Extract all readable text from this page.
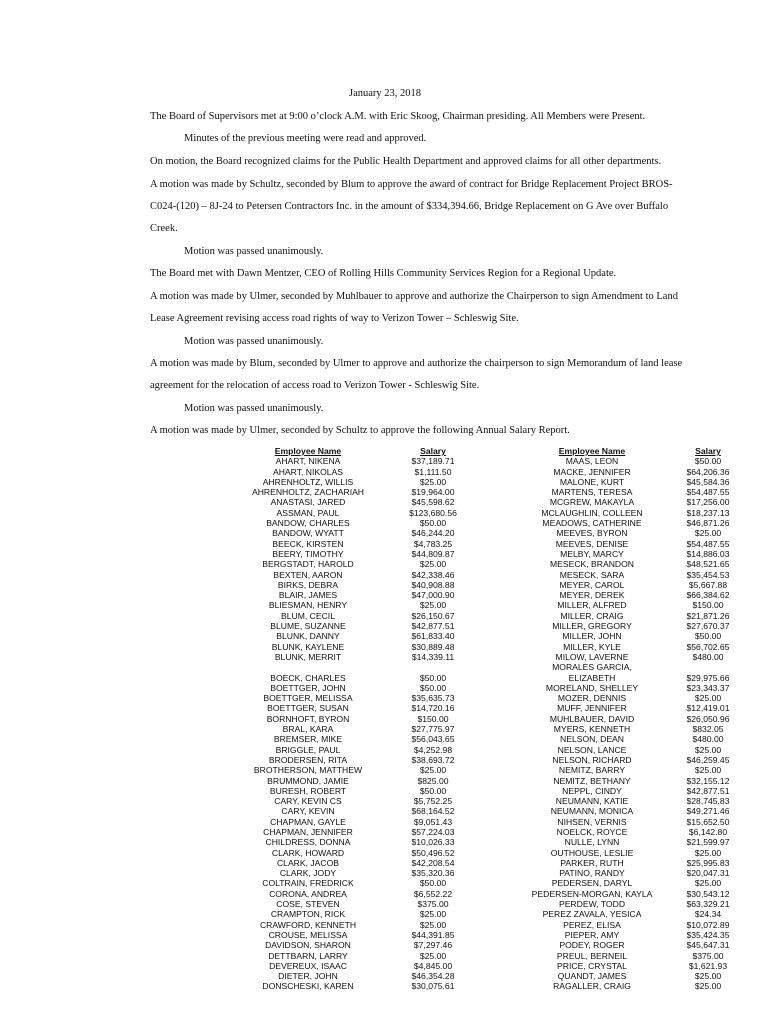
January 23, 2018
The Board of Supervisors met at 9:00 o’clock A.M. with Eric Skoog, Chairman presiding. All Members were Present.
Minutes of the previous meeting were read and approved.
On motion, the Board recognized claims for the Public Health Department and approved claims for all other departments.
A motion was made by Schultz, seconded by Blum to approve the award of contract for Bridge Replacement Project BROS-
C024-(120) – 8J-24 to Petersen Contractors Inc. in the amount of $334,394.66, Bridge Replacement on G Ave over Buffalo
Creek.
Motion was passed unanimously.
The Board met with Dawn Mentzer, CEO of Rolling Hills Community Services Region for a Regional Update.
A motion was made by Ulmer, seconded by Muhlbauer to approve and authorize the Chairperson to sign Amendment to Land
Lease Agreement revising access road rights of way to Verizon Tower – Schleswig Site.
Motion was passed unanimously.
A motion was made by Blum, seconded by Ulmer to approve and authorize the chairperson to sign Memorandum of land lease
agreement for the relocation of access road to Verizon Tower - Schleswig Site.
Motion was passed unanimously.
A motion was made by Ulmer, seconded by Schultz to approve the following Annual Salary Report.
	Employee Name	Salary		Employee Name	Salary
	AHART, NIKENA	$37,189.71		MAAS, LEON	$50.00
	AHART, NIKOLAS	$1,111.50		MACKE, JENNIFER	$64,206.36
	AHRENHOLTZ, WILLIS	$25.00		MALONE, KURT	$45,584.36
	AHRENHOLTZ, ZACHARIAH	$19,964.00		MARTENS, TERESA	$54,487.55
	ANASTASI, JARED	$45,598.62		MCGREW, MAKAYLA	$17,256.00
	ASSMAN, PAUL	$123,680.56		MCLAUGHLIN, COLLEEN	$18,237.13
	BANDOW, CHARLES	$50.00		MEADOWS, CATHERINE	$46,871.26
	BANDOW, WYATT	$46,244.20		MEEVES, BYRON	$25.00
	BEECK, KIRSTEN	$4,783.25		MEEVES, DENISE	$54,487.55
	BEERY, TIMOTHY	$44,809.87		MELBY, MARCY	$14,886.03
	BERGSTADT, HAROLD	$25.00		MESECK, BRANDON	$48,521.65
	BEXTEN, AARON	$42,338.46		MESECK, SARA	$35,454.53
	BIRKS, DEBRA	$40,908.88		MEYER, CAROL	$5,667.88
	BLAIR, JAMES	$47,000.90		MEYER, DEREK	$66,384.62
	BLIESMAN, HENRY	$25.00		MILLER, ALFRED	$150.00
	BLUM, CECIL	$26,150.67		MILLER, CRAIG	$21,871.26
	BLUME, SUZANNE	$42,877.51		MILLER, GREGORY	$27,670.37
	BLUNK, DANNY	$61,833.40		MILLER, JOHN	$50.00
	BLUNK, KAYLENE	$30,889.48		MILLER, KYLE	$56,702.65
	BLUNK, MERRIT	$14,339.11		MILOW, LAVERNE	$480.00
				MORALES GARCIA,	
	BOECK, CHARLES	$50.00		ELIZABETH	$29,975.66
	BOETTGER, JOHN	$50.00		MORELAND, SHELLEY	$23,343.37
	BOETTGER, MELISSA	$35,635.73		MOZER, DENNIS	$25.00
	BOETTGER, SUSAN	$14,720.16		MUFF, JENNIFER	$12,419.01
	BORNHOFT, BYRON	$150.00		MUHLBAUER, DAVID	$26,050.96
	BRAL, KARA	$27,775.97		MYERS, KENNETH	$832.05
	BREMSER, MIKE	$56,043.65		NELSON, DEAN	$480.00
	BRIGGLE, PAUL	$4,252.98		NELSON, LANCE	$25.00
	BRODERSEN, RITA	$38,693.72		NELSON, RICHARD	$46,259.45
	BROTHERSON, MATTHEW	$25.00		NEMITZ, BARRY	$25.00
	BRUMMOND, JAMIE	$825.00		NEMITZ, BETHANY	$32,155.12
	BURESH, ROBERT	$50.00		NEPPL, CINDY	$42,877.51
	CARY, KEVIN CS	$5,752.25		NEUMANN, KATIE	$28,745.83
	CARY, KEVIN	$68,164.52		NEUMANN, MONICA	$49,271.46
	CHAPMAN, GAYLE	$9,051.43		NIHSEN, VERNIS	$15,652.50
	CHAPMAN, JENNIFER	$57,224.03		NOELCK, ROYCE	$6,142.80
	CHILDRESS, DONNA	$10,026.33		NULLE, LYNN	$21,599.97
	CLARK, HOWARD	$50,496.52		OUTHOUSE, LESLIE	$25.00
	CLARK, JACOB	$42,208.54		PARKER, RUTH	$25,995.83
	CLARK, JODY	$35,320.36		PATINO, RANDY	$20,047.31
	COLTRAIN, FREDRICK	$50.00		PEDERSEN, DARYL	$25.00
	CORONA, ANDREA	$6,552.22		PEDERSEN-MORGAN, KAYLA	$30,543.12
	COSE, STEVEN	$375.00		PERDEW, TODD	$63,329.21
	CRAMPTON, RICK	$25.00		PEREZ ZAVALA, YESICA	$24.34
	CRAWFORD, KENNETH	$25.00		PEREZ, ELISA	$10,072.89
	CROUSE, MELISSA	$44,391.85		PIEPER, AMY	$35,424.35
	DAVIDSON, SHARON	$7,297.46		PODEY, ROGER	$45,647.31
	DETTBARN, LARRY	$25.00		PREUL, BERNEIL	$375.00
	DEVEREUX, ISAAC	$4,845.00		PRICE, CRYSTAL	$1,621.93
	DIETER, JOHN	$46,354.28		QUANDT, JAMES	$25.00
	DONSCHESKI, KAREN	$30,075.61		RAGALLER, CRAIG	$25.00
